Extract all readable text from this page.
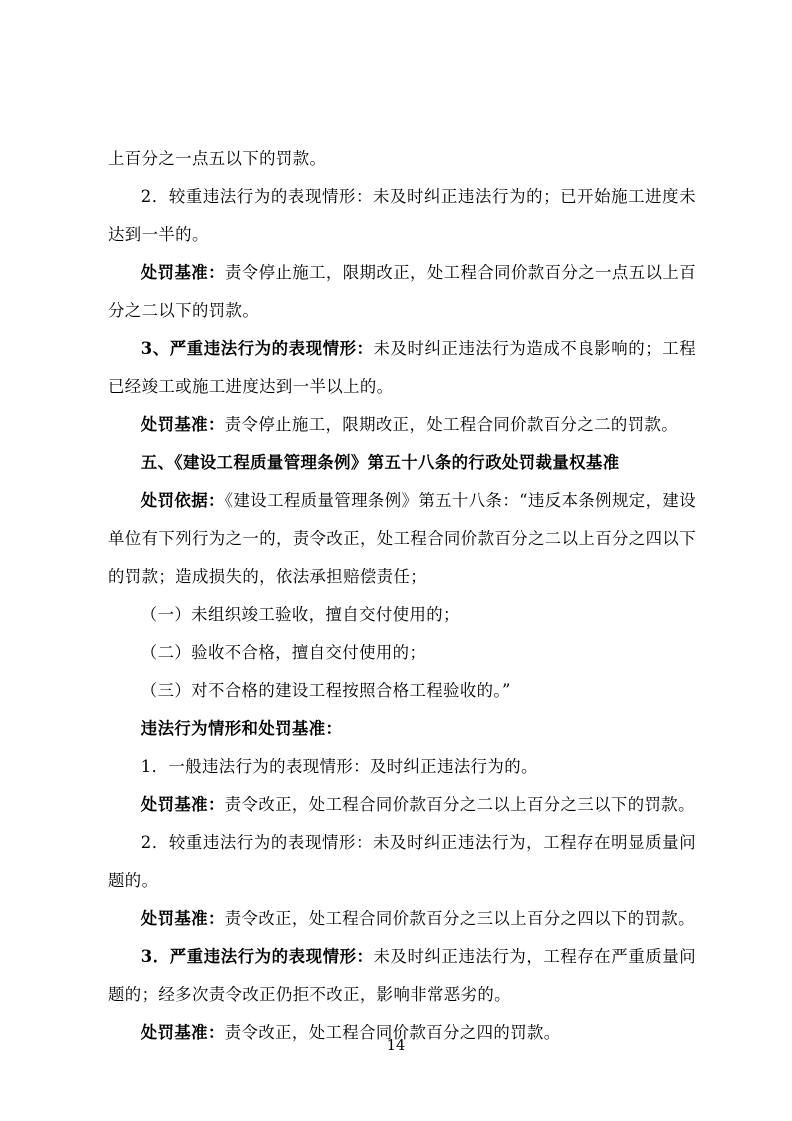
上百分之一点五以下的罚款。

2．较重违法行为的表现情形：未及时纠正违法行为的；已开始施工进度未达到一半的。

处罚基准：责令停止施工，限期改正，处工程合同价款百分之一点五以上百分之二以下的罚款。

3、严重违法行为的表现情形：未及时纠正违法行为造成不良影响的；工程已经竣工或施工进度达到一半以上的。

处罚基准：责令停止施工，限期改正，处工程合同价款百分之二的罚款。

五、《建设工程质量管理条例》第五十八条的行政处罚裁量权基准

处罚依据：《建设工程质量管理条例》第五十八条：“违反本条例规定，建设单位有下列行为之一的，责令改正，处工程合同价款百分之二以上百分之四以下的罚款；造成损失的，依法承担赔偿责任；

（一）未组织竣工验收，擅自交付使用的；

（二）验收不合格，擅自交付使用的；

（三）对不合格的建设工程按照合格工程验收的。”

违法行为情形和处罚基准：

1．一般违法行为的表现情形：及时纠正违法行为的。

处罚基准：责令改正，处工程合同价款百分之二以上百分之三以下的罚款。

2．较重违法行为的表现情形：未及时纠正违法行为，工程存在明显质量问题的。

处罚基准：责令改正，处工程合同价款百分之三以上百分之四以下的罚款。

3．严重违法行为的表现情形：未及时纠正违法行为，工程存在严重质量问题的；经多次责令改正仍拒不改正，影响非常恶劣的。

处罚基准：责令改正，处工程合同价款百分之四的罚款。

14
